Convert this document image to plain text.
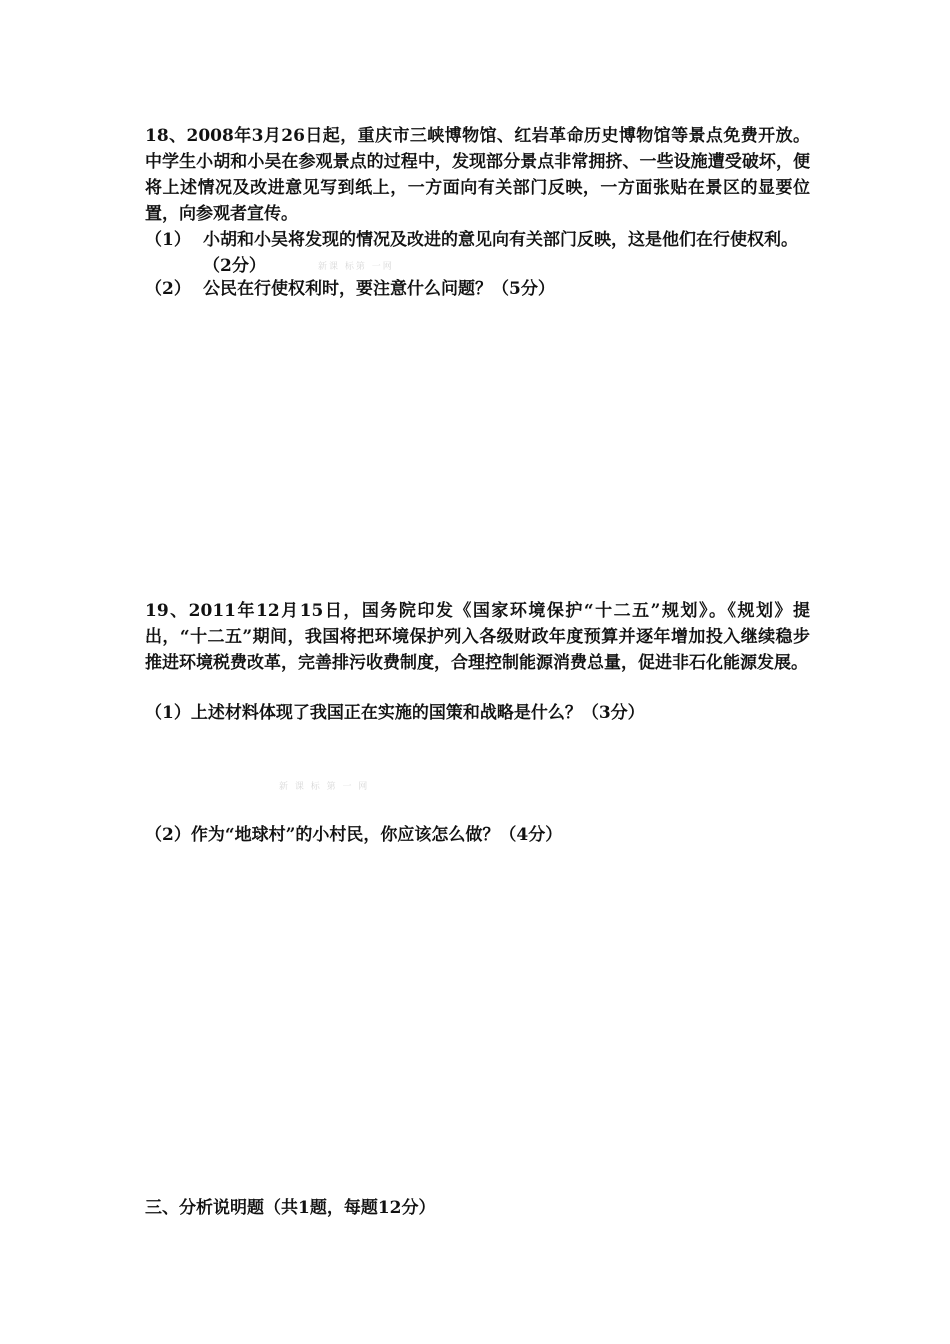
18、2008年3月26日起，重庆市三峡博物馆、红岩革命历史博物馆等景点免费开放。中学生小胡和小吴在参观景点的过程中，发现部分景点非常拥挤、一些设施遭受破坏，便将上述情况及改进意见写到纸上，一方面向有关部门反映，一方面张贴在景区的显要位置，向参观者宣传。

（1） 小胡和小吴将发现的情况及改进的意见向有关部门反映，这是他们在行使权利。（2分）	新课 标第 一网
（2） 公民在行使权利时，要注意什么问题？（5分）

19、2011年12月15日，国务院印发《国家环境保护“十二五”规划》。《规划》提出，“十二五”期间，我国将把环境保护列入各级财政年度预算并逐年增加投入继续稳步推进环境税费改革，完善排污收费制度，合理控制能源消费总量，促进非石化能源发展。

（1）上述材料体现了我国正在实施的国策和战略是什么？（3分）

新 课 标 第 一 网

（2）作为“地球村”的小村民，你应该怎么做？（4分）

三、分析说明题（共1题，每题12分）
